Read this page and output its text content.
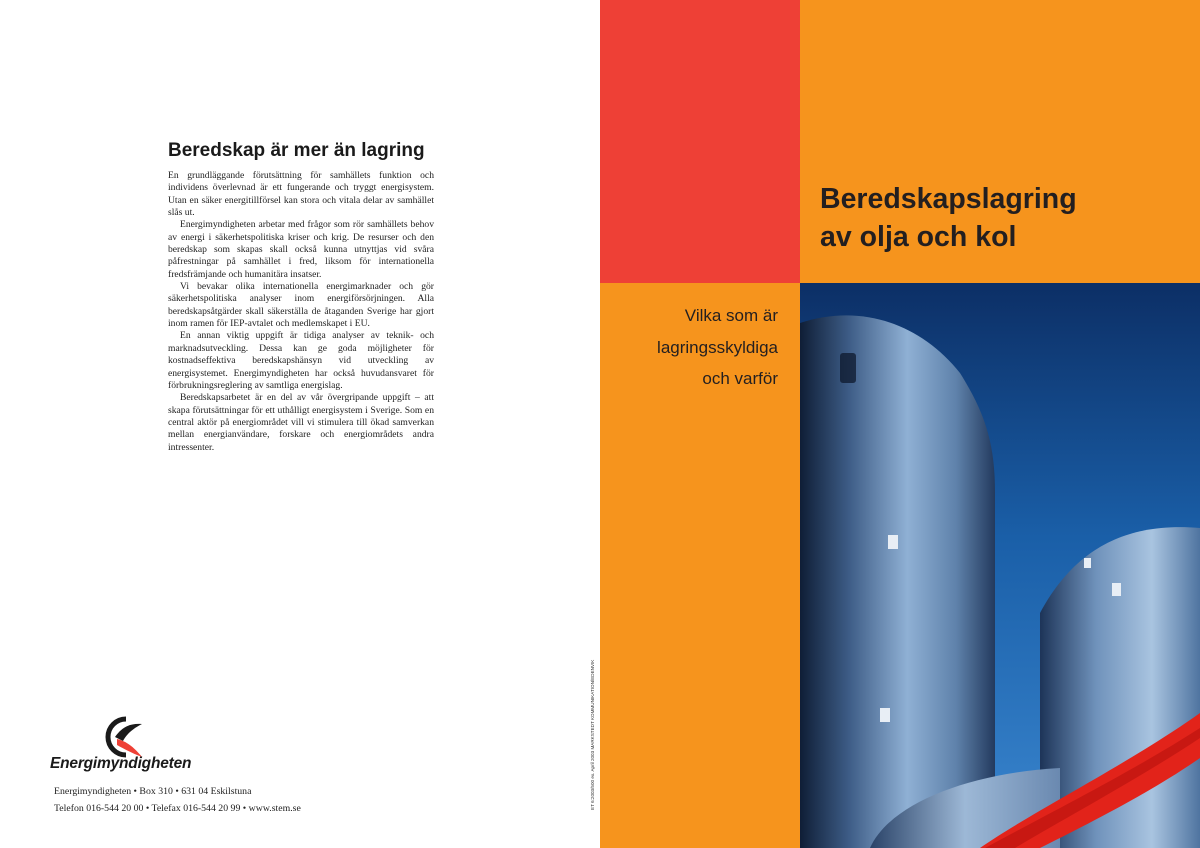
Beredskap är mer än lagring

En grundläggande förutsättning för samhällets funktion och individens överlevnad är ett fungerande och tryggt energisystem. Utan en säker energitillförsel kan stora och vitala delar av samhället slås ut.

Energimyndigheten arbetar med frågor som rör samhällets behov av energi i säkerhetspolitiska kriser och krig. De resurser och den beredskap som skapas skall också kunna utnyttjas vid svåra påfrestningar på samhället i fred, liksom för internationella fredsfrämjande och humanitära insatser.

Vi bevakar olika internationella energimarknader och gör säkerhetspolitiska analyser inom energiförsörjningen. Alla beredskapsåtgärder skall säkerställa de åtaganden Sverige har gjort inom ramen för IEP-avtalet och medlemskapet i EU.

En annan viktig uppgift är tidiga analyser av teknik- och marknadsutveckling. Dessa kan ge goda möjligheter för kostnadseffektiva beredskapshänsyn vid utveckling av energisystemet. Energimyndigheten har också huvudansvaret för förbrukningsreglering av samtliga energislag.

Beredskapsarbetet är en del av vår övergripande uppgift – att skapa förutsättningar för ett uthålligt energisystem i Sverige. Som en central aktör på energiområdet vill vi stimulera till ökad samverkan mellan energianvändare, forskare och energiområdets andra intressenter.

Energimyndigheten
Energimyndigheten • Box 310 • 631 04 Eskilstuna
Telefon 016-544 20 00 • Telefax 016-544 20 99 • www.stem.se	ET 6:2003/500 ex. April 2003 MARKSTEDT KOMMUNIKATION/EDENVIK
Beredskapslagring
av olja och kol
Vilka som är
lagringsskyldiga
och varför
